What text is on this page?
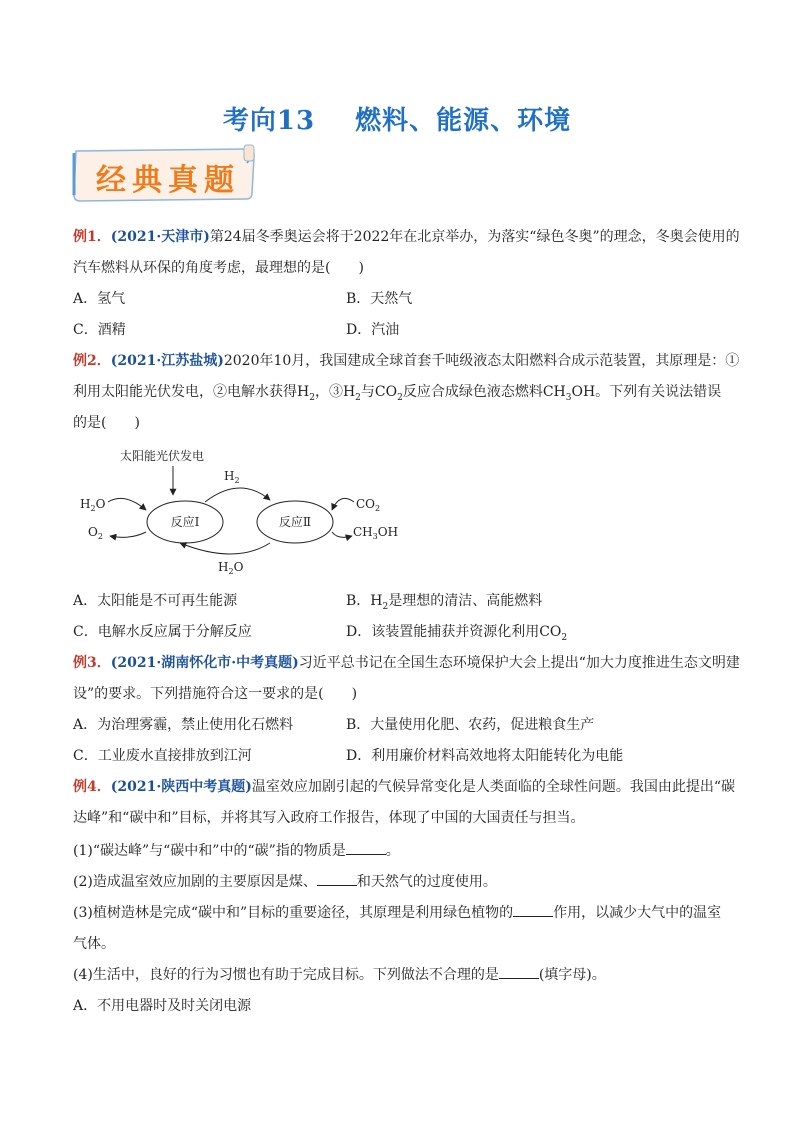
考向13 燃料、能源、环境
经典真题
例1．(2021·天津市)第24届冬季奥运会将于2022年在北京举办，为落实“绿色冬奥”的理念，冬奥会使用的
汽车燃料从环保的角度考虑，最理想的是(　　)
A．氢气	B．天然气
C．酒精	D．汽油
例2．(2021·江苏盐城)2020年10月，我国建成全球首套千吨级液态太阳燃料合成示范装置，其原理是：①
利用太阳能光伏发电，②电解水获得$H_2$，$③H_2$与$CO_2$反应合成绿色液态燃料$CH_3OH$。下列有关说法错误
的是(　　)
太阳能光伏发电
反应Ⅰ	反应Ⅱ
$H_2$
$H_2O$
$H_2O$
$O_2$
$CO_2$
$CH_3OH$
A．太阳能是不可再生能源	B．$H_2$是理想的清洁、高能燃料
C．电解水反应属于分解反应	D．该装置能捕获并资源化利用$CO_2$
例3．(2021·湖南怀化市·中考真题)习近平总书记在全国生态环境保护大会上提出“加大力度推进生态文明建
设”的要求。下列措施符合这一要求的是(　　)
A．为治理雾霾，禁止使用化石燃料	B．大量使用化肥、农药，促进粮食生产
C．工业废水直接排放到江河	D．利用廉价材料高效地将太阳能转化为电能
例4．(2021·陕西中考真题)温室效应加剧引起的气候异常变化是人类面临的全球性问题。我国由此提出“碳
达峰”和“碳中和”目标，并将其写入政府工作报告，体现了中国的大国责任与担当。
(1)“碳达峰”与“碳中和”中的“碳”指的物质是	。
(2)造成温室效应加剧的主要原因是煤、	和天然气的过度使用。
(3)植树造林是完成“碳中和”目标的重要途径，其原理是利用绿色植物的	作用，以减少大气中的温室
气体。
(4)生活中，良好的行为习惯也有助于完成目标。下列做法不合理的是	(填字母)。
A．不用电器时及时关闭电源
